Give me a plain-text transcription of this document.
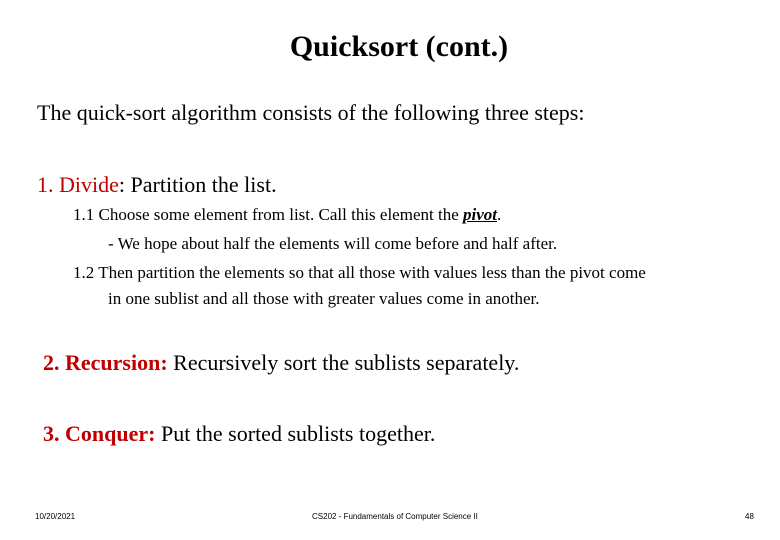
Quicksort (cont.)
The quick-sort algorithm consists of the following three steps:
1. Divide: Partition the list.
1.1 Choose some element from list. Call this element the pivot.
- We hope about half the elements will come before and half after.
1.2 Then partition the elements so that all those with values less than the pivot come
in one sublist and all those with greater values come in another.
2. Recursion: Recursively sort the sublists separately.
3. Conquer: Put the sorted sublists together.
10/20/2021	CS202 - Fundamentals of Computer Science II	48
